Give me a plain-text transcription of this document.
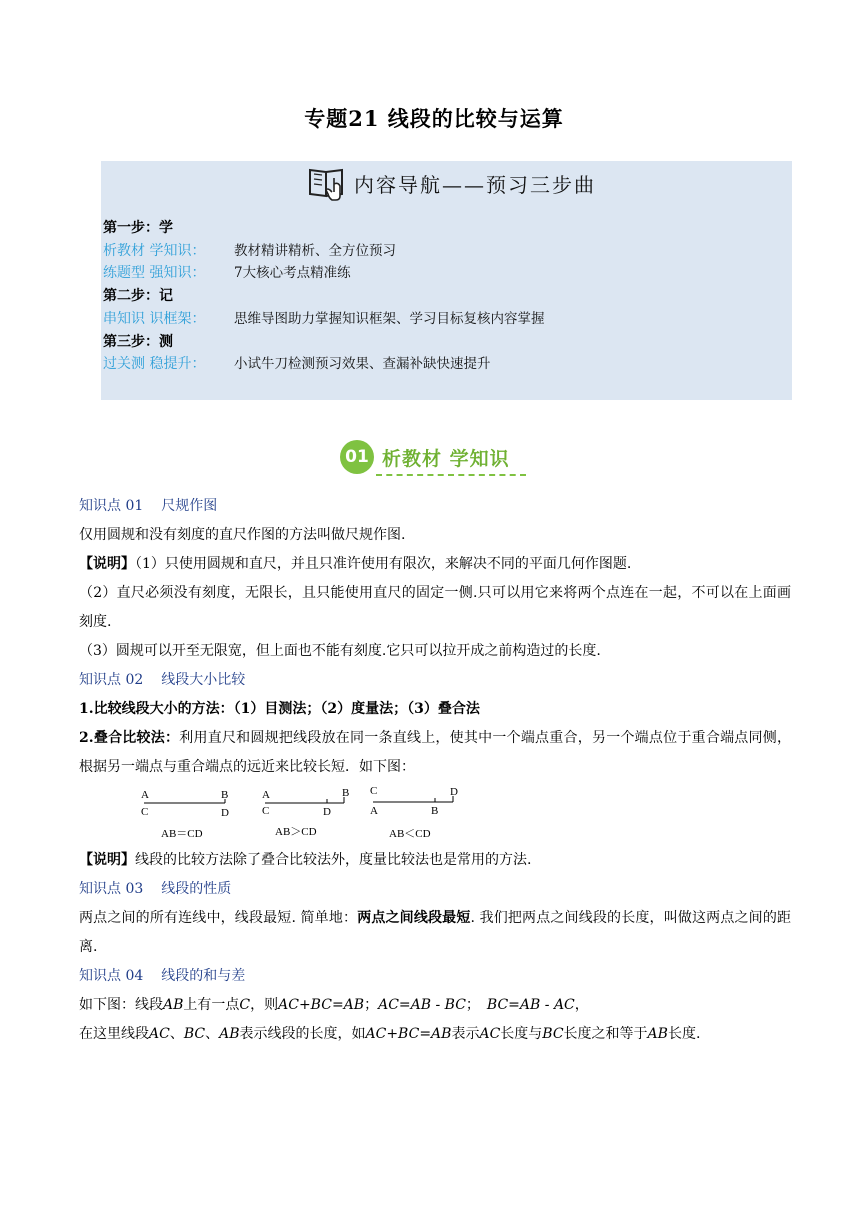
专题21 线段的比较与运算
内容导航——预习三步曲
第一步：学
析教材 学知识：	教材精讲精析、全方位预习
练题型 强知识：	7大核心考点精准练
第二步：记
串知识 识框架：	思维导图助力掌握知识框架、学习目标复核内容掌握
第三步：测
过关测 稳提升：	小试牛刀检测预习效果、查漏补缺快速提升
01 析教材 学知识
知识点 01 尺规作图
仅用圆规和没有刻度的直尺作图的方法叫做尺规作图.
【说明】（1）只使用圆规和直尺，并且只准许使用有限次，来解决不同的平面几何作图题.
（2）直尺必须没有刻度，无限长，且只能使用直尺的固定一侧.只可以用它来将两个点连在一起，不可以在上面画刻度.
（3）圆规可以开至无限宽，但上面也不能有刻度.它只可以拉开成之前构造过的长度.
知识点 02 线段大小比较
1.比较线段大小的方法：（1）目测法；（2）度量法；（3）叠合法
2.叠合比较法：利用直尺和圆规把线段放在同一条直线上，使其中一个端点重合，另一个端点位于重合端点同侧，根据另一端点与重合端点的远近来比较长短．如下图：
A	B
C	D
AB＝CD
A	B
C	D
AB＞CD
C	D
A	B
AB＜CD
【说明】线段的比较方法除了叠合比较法外，度量比较法也是常用的方法.
知识点 03 线段的性质
两点之间的所有连线中，线段最短. 简单地：两点之间线段最短. 我们把两点之间线段的长度，叫做这两点之间的距离.
知识点 04 线段的和与差
如下图：线段AB上有一点C，则AC+BC=AB；AC=AB - BC；　BC=AB - AC，
在这里线段AC、BC、AB表示线段的长度，如AC+BC=AB表示AC长度与BC长度之和等于AB长度.
